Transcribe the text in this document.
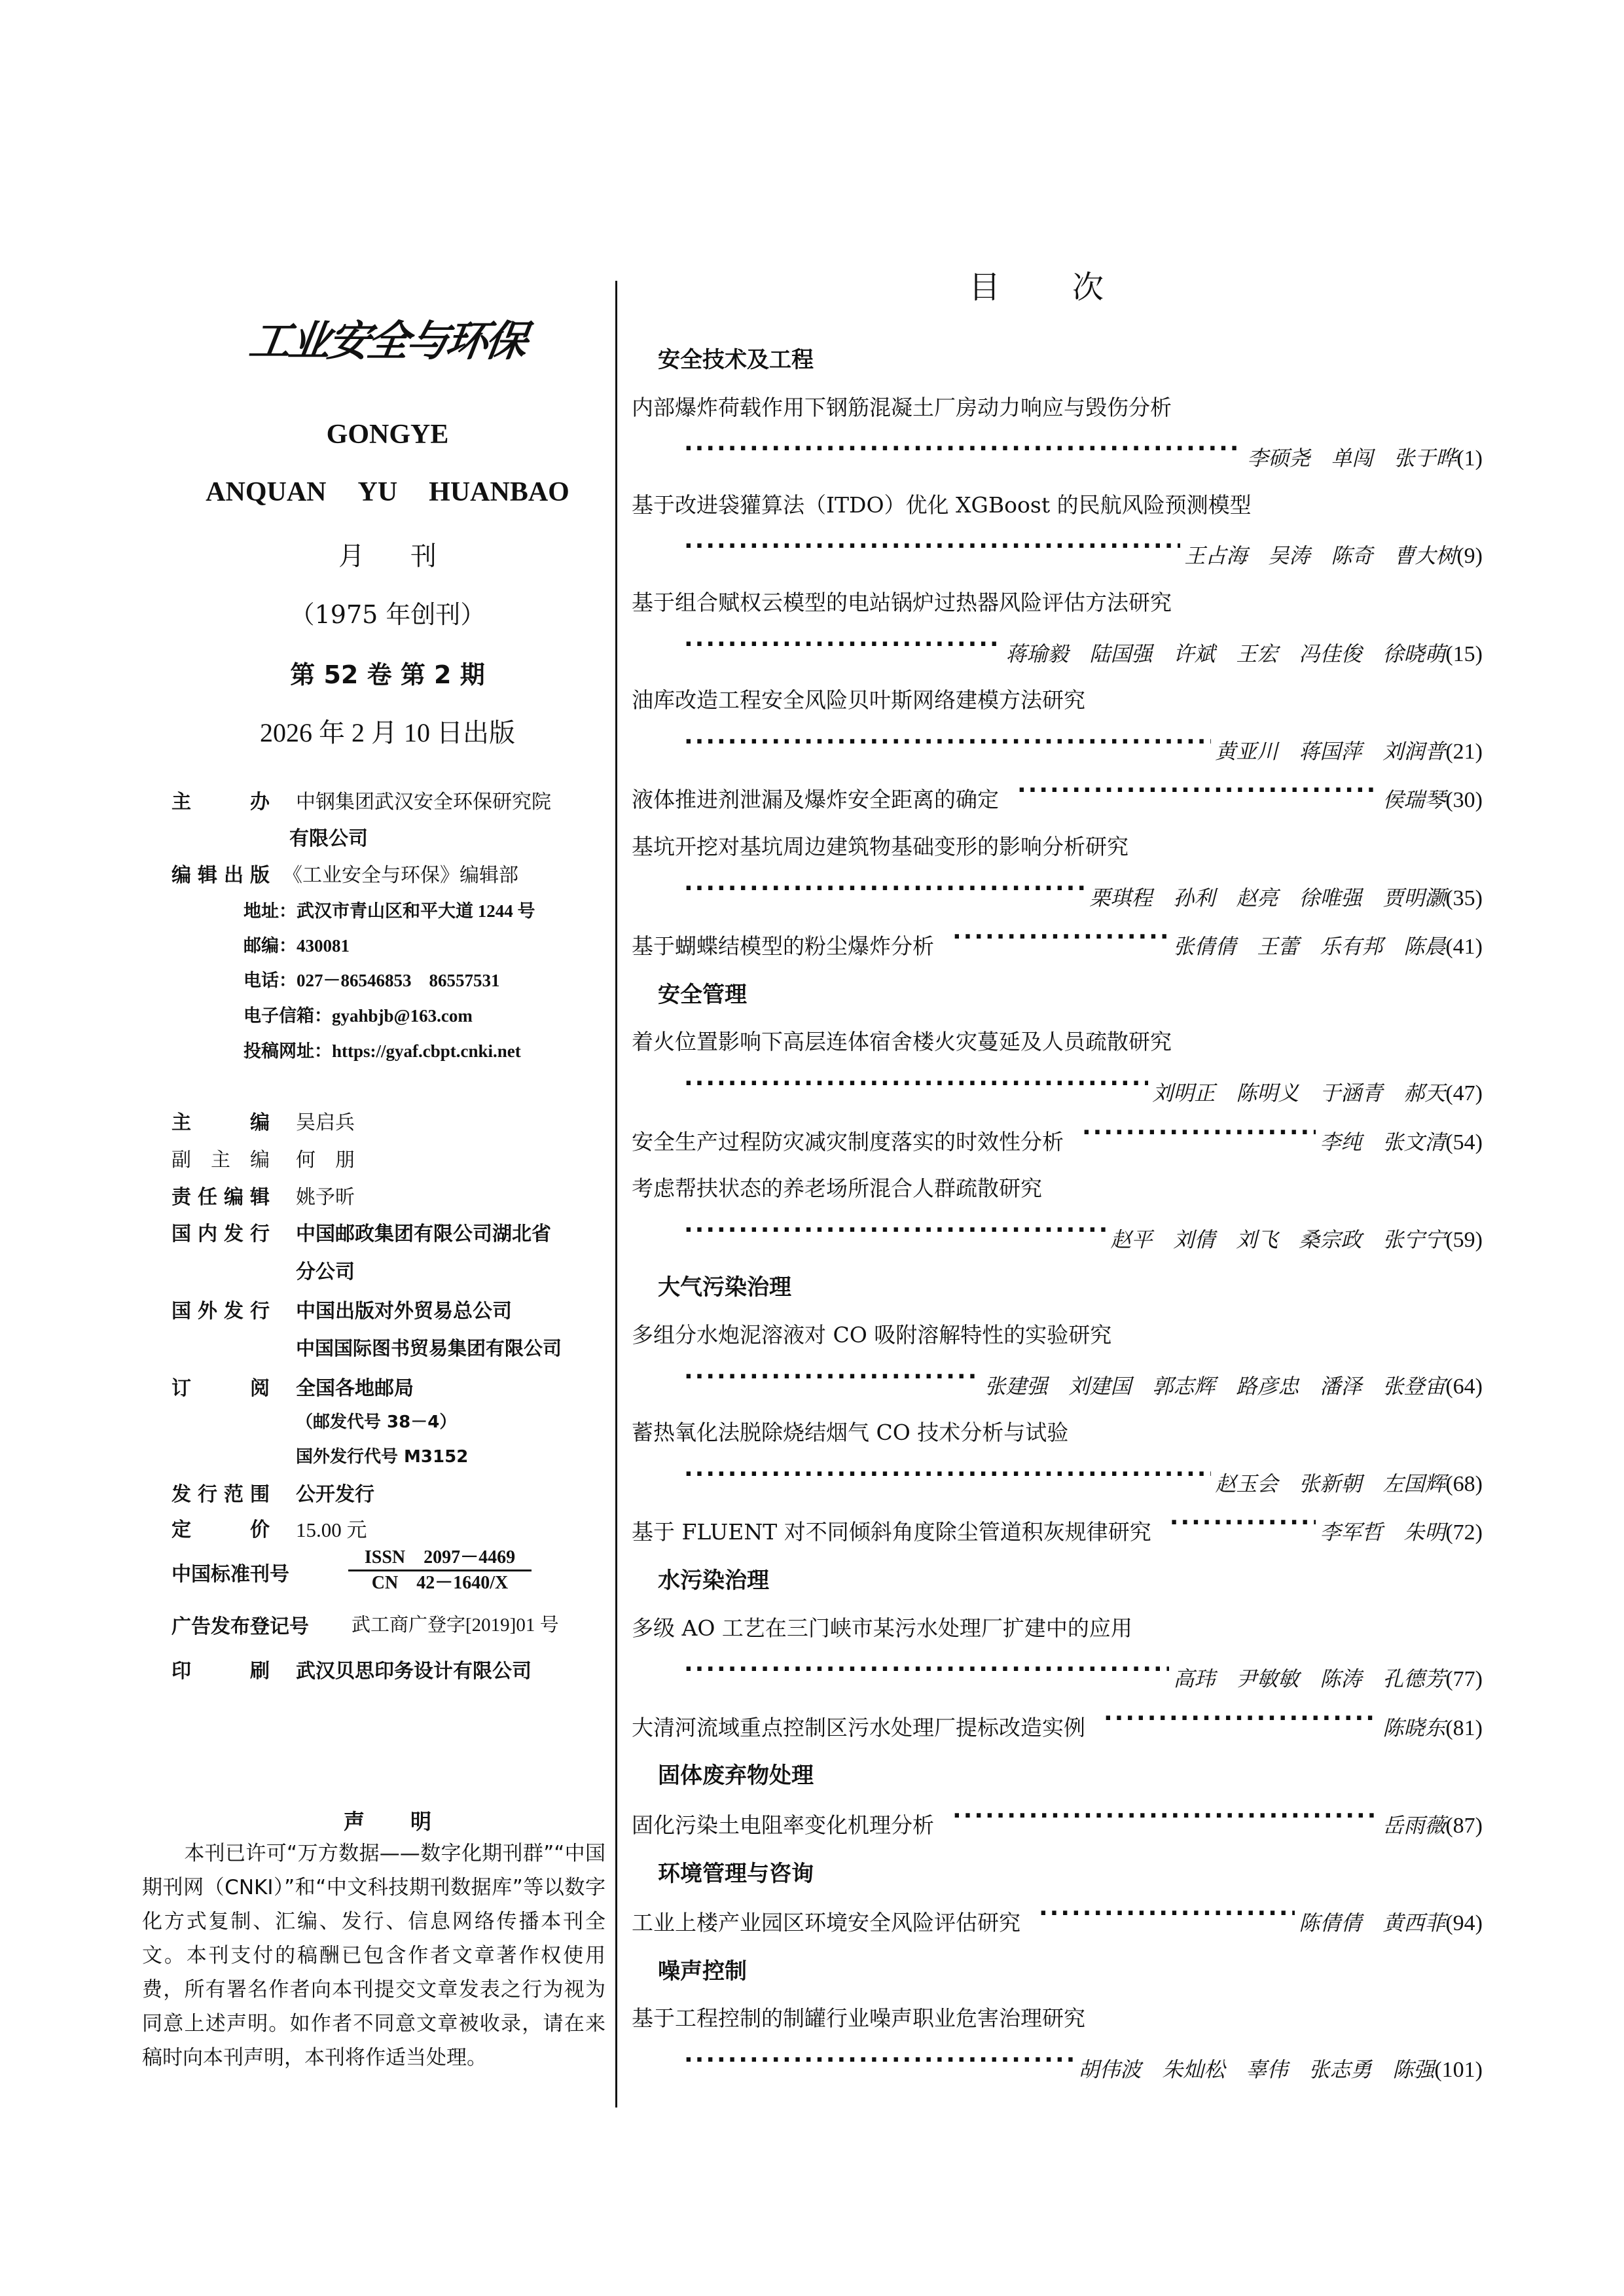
工业安全与环保
GONGYE
ANQUAN YU HUANBAO
月 刊
（1975 年创刊）
第 52 卷 第 2 期
2026 年 2 月 10 日出版
主　　办 中钢集团武汉安全环保研究院
有限公司
编辑出版 《工业安全与环保》编辑部
地址：武汉市青山区和平大道 1244 号
邮编：430081
电话：027－86546853　86557531
电子信箱：gyahbjb@163.com
投稿网址：https://gyaf.cbpt.cnki.net
主　　编 吴启兵
副 主 编 何　朋
责任编辑 姚予昕
国内发行 中国邮政集团有限公司湖北省
分公司
国外发行 中国出版对外贸易总公司
中国国际图书贸易集团有限公司
订　　阅 全国各地邮局
（邮发代号 38－4）
国外发行代号 M3152
发行范围 公开发行
定　　价 15.00 元
中国标准刊号
ISSN　2097－4469
CN　42－1640/X
广告发布登记号 武工商广登字[2019]01 号
印　　刷 武汉贝思印务设计有限公司
声 明
本刊已许可“万方数据——数字化期刊群”“中国期刊网（CNKI）”和“中文科技期刊数据库”等以数字化方式复制、汇编、发行、信息网络传播本刊全文。本刊支付的稿酬已包含作者文章著作权使用费，所有署名作者向本刊提交文章发表之行为视为同意上述声明。如作者不同意文章被收录，请在来稿时向本刊声明，本刊将作适当处理。
目 次
安全技术及工程
内部爆炸荷载作用下钢筋混凝土厂房动力响应与毁伤分析
·····
李硕尧　单闯　张于晔 (1)
基于改进袋獾算法（ITDO）优化 XGBoost 的民航风险预测模型
·····
王占海　吴涛　陈奇　曹大树 (9)
基于组合赋权云模型的电站锅炉过热器风险评估方法研究
·····
蒋瑜毅　陆国强　许斌　王宏　冯佳俊　徐晓萌 (15)
油库改造工程安全风险贝叶斯网络建模方法研究
·····
黄亚川　蒋国萍　刘润普 (21)
液体推进剂泄漏及爆炸安全距离的确定 ·····	侯瑞琴 (30)
基坑开挖对基坑周边建筑物基础变形的影响分析研究
·····
栗琪程　孙利　赵亮　徐唯强　贾明灏 (35)
基于蝴蝶结模型的粉尘爆炸分析 ·····	张倩倩　王蕾　乐有邦　陈晨 (41)
安全管理
着火位置影响下高层连体宿舍楼火灾蔓延及人员疏散研究
·····
刘明正　陈明义　于涵青　郝天 (47)
安全生产过程防灾减灾制度落实的时效性分析 ·····	李纯　张文清 (54)
考虑帮扶状态的养老场所混合人群疏散研究
·····
赵平　刘倩　刘飞　桑宗政　张宁宁 (59)
大气污染治理
多组分水炮泥溶液对 CO 吸附溶解特性的实验研究
·····
张建强　刘建国　郭志辉　路彦忠　潘泽　张登宙 (64)
蓄热氧化法脱除烧结烟气 CO 技术分析与试验
·····
赵玉会　张新朝　左国辉 (68)
基于 FLUENT 对不同倾斜角度除尘管道积灰规律研究 ·····	李军哲　朱明 (72)
水污染治理
多级 AO 工艺在三门峡市某污水处理厂扩建中的应用
·····
高玮　尹敏敏　陈涛　孔德芳 (77)
大清河流域重点控制区污水处理厂提标改造实例 ·····	陈晓东 (81)
固体废弃物处理
固化污染土电阻率变化机理分析 ·····	岳雨薇 (87)
环境管理与咨询
工业上楼产业园区环境安全风险评估研究 ·····	陈倩倩　黄西菲 (94)
噪声控制
基于工程控制的制罐行业噪声职业危害治理研究
·····
胡伟波　朱灿松　辜伟　张志勇　陈强 (101)
